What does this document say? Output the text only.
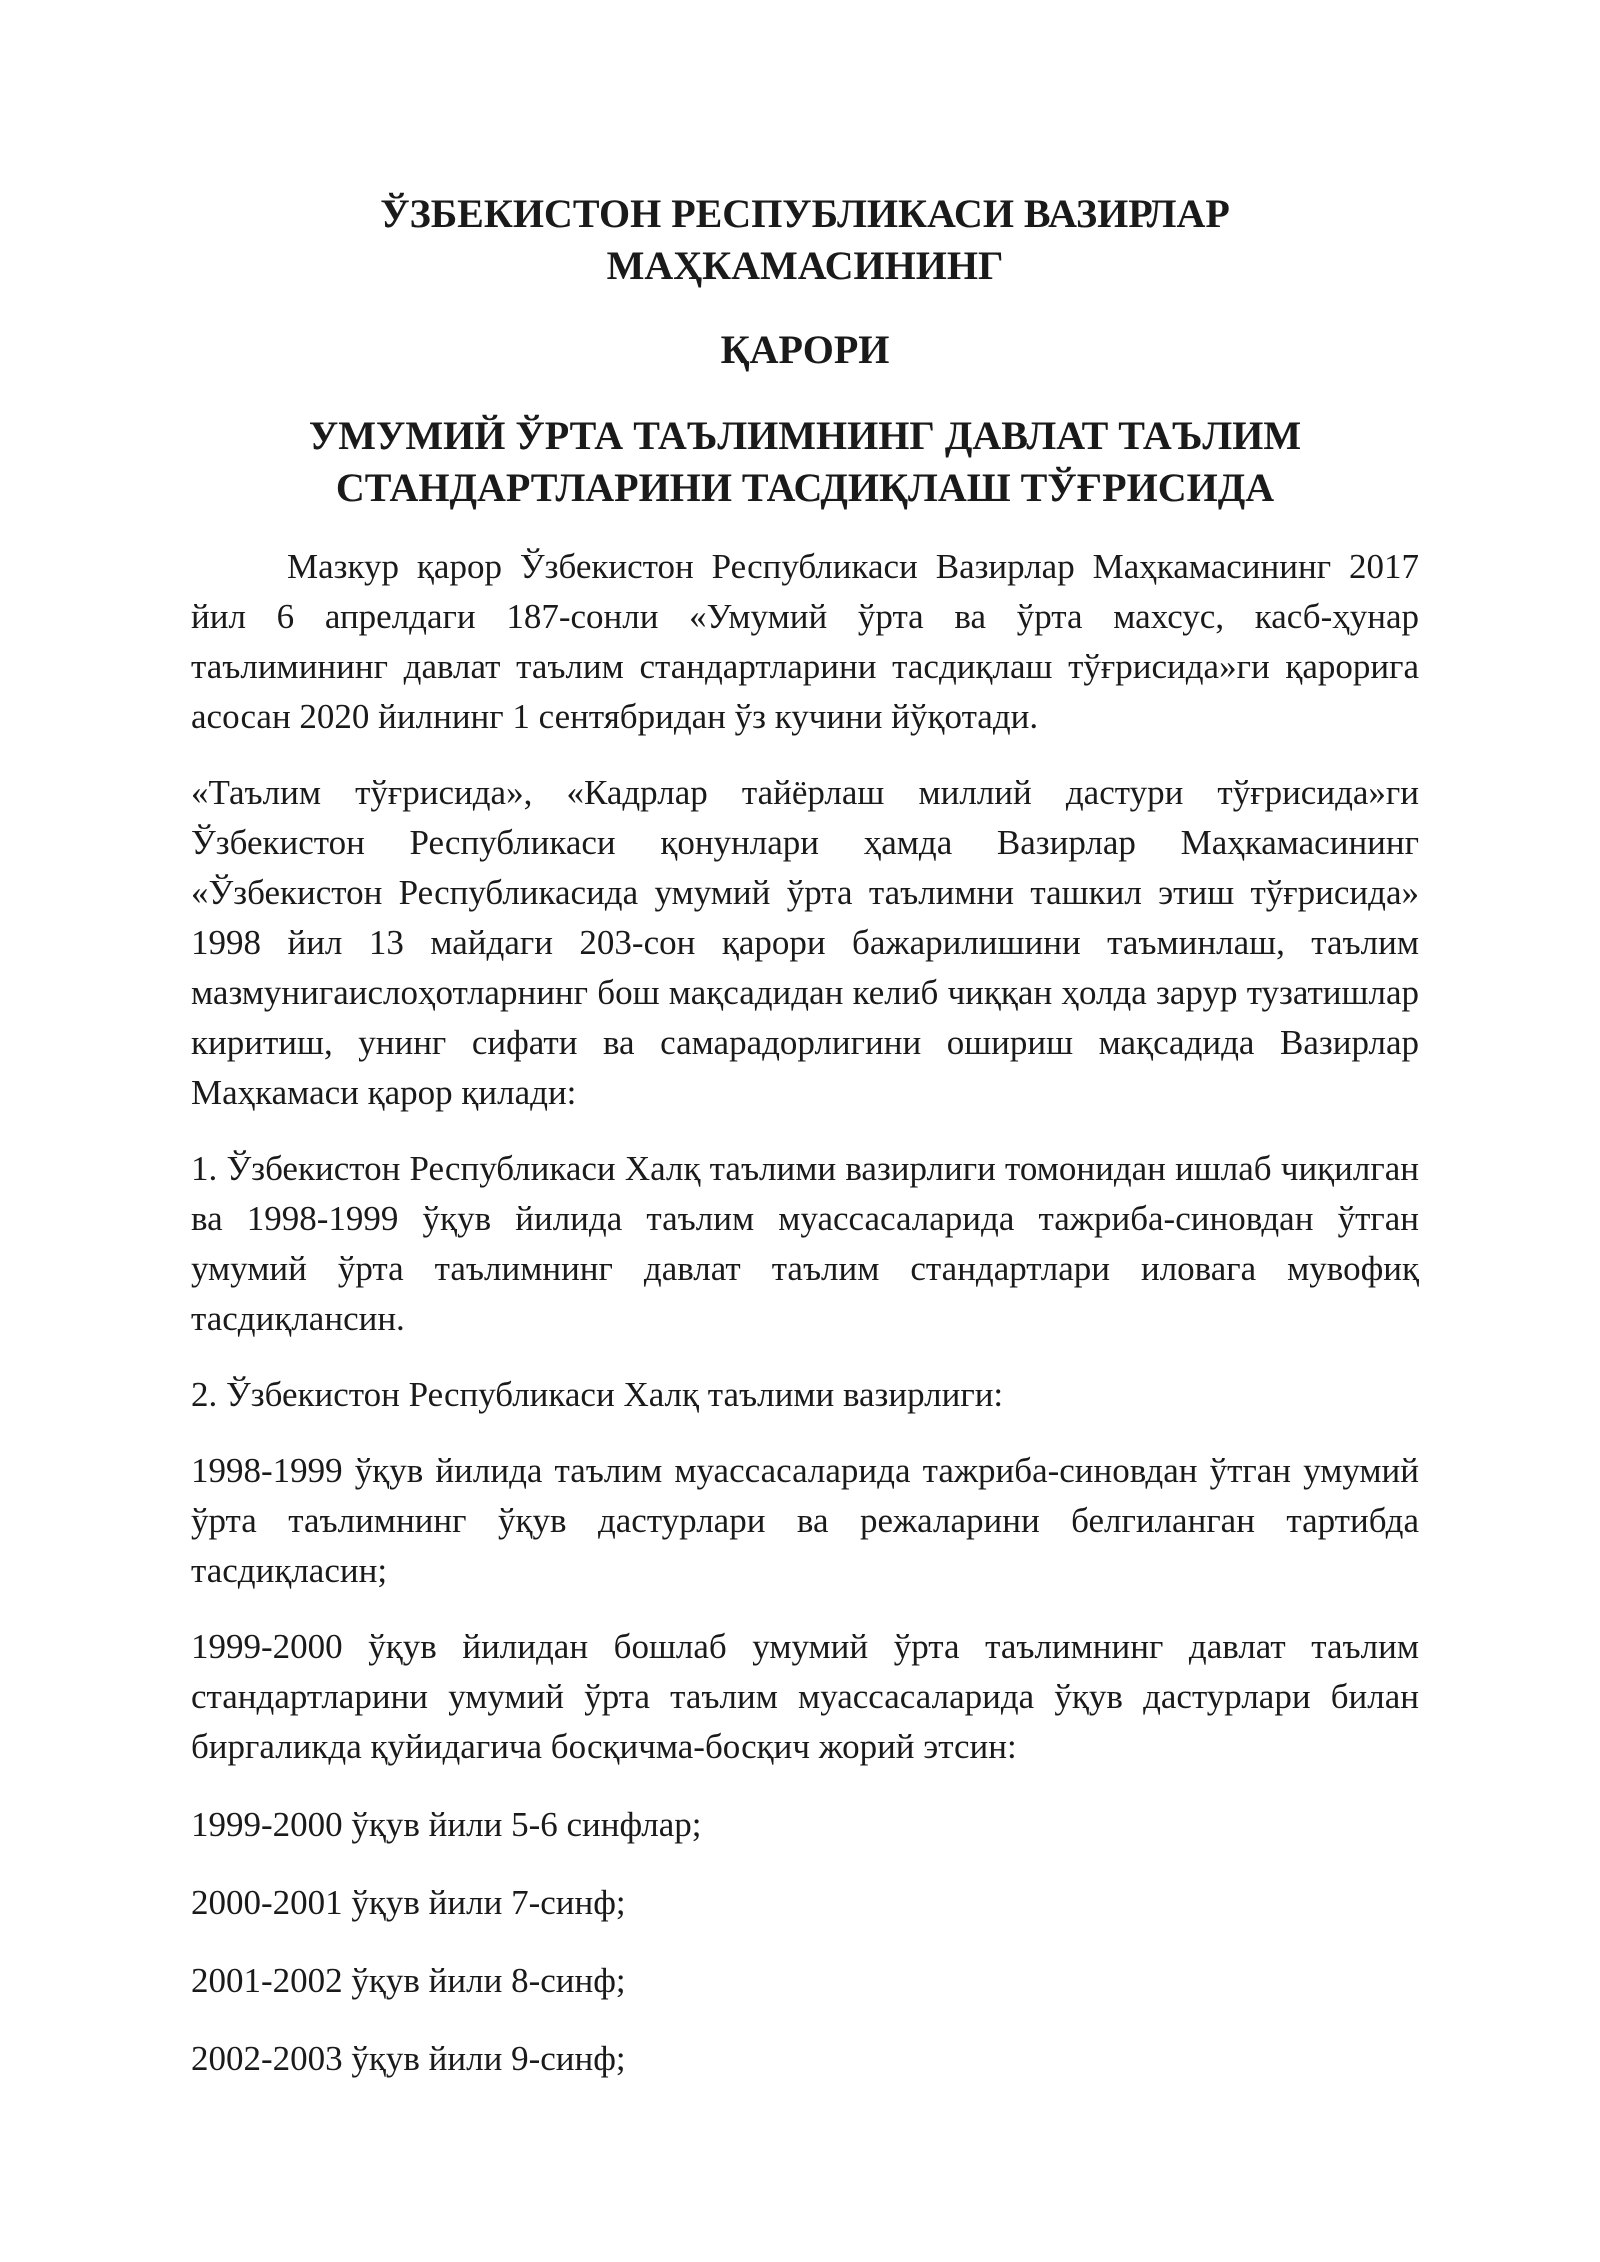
ЎЗБЕКИСТОН РЕСПУБЛИКАСИ ВАЗИРЛАР
МАҲКАМАСИНИНГ

ҚАРОРИ

УМУМИЙ ЎРТА ТАЪЛИМНИНГ ДАВЛАТ ТАЪЛИМ
СТАНДАРТЛАРИНИ ТАСДИҚЛАШ ТЎҒРИСИДА

Мазкур қарор Ўзбекистон Республикаси Вазирлар Маҳкамасининг 2017 йил 6 апрелдаги 187-сонли «Умумий ўрта ва ўрта махсус, касб-ҳунар таълимининг давлат таълим стандартларини тасдиқлаш тўғрисида»ги қарорига асосан 2020 йилнинг 1 сентябридан ўз кучини йўқотади.

«Таълим тўғрисида», «Кадрлар тайёрлаш миллий дастури тўғрисида»ги Ўзбекистон Республикаси қонунлари ҳамда Вазирлар Маҳкамасининг «Ўзбекистон Республикасида умумий ўрта таълимни ташкил этиш тўғрисида» 1998 йил 13 майдаги 203-сон қарори бажарилишини таъминлаш, таълим мазмунигаислоҳотларнинг бош мақсадидан келиб чиққан ҳолда зарур тузатишлар киритиш, унинг сифати ва самарадорлигини ошириш мақсадида Вазирлар Маҳкамаси қарор қилади:

1. Ўзбекистон Республикаси Халқ таълими вазирлиги томонидан ишлаб чиқилган ва 1998-1999 ўқув йилида таълим муассасаларида тажриба-синовдан ўтган умумий ўрта таълимнинг давлат таълим стандартлари иловага мувофиқ тасдиқлансин.

2. Ўзбекистон Республикаси Халқ таълими вазирлиги:

1998-1999 ўқув йилида таълим муассасаларида тажриба-синовдан ўтган умумий ўрта таълимнинг ўқув дастурлари ва режаларини белгиланган тартибда тасдиқласин;

1999-2000 ўқув йилидан бошлаб умумий ўрта таълимнинг давлат таълим стандартларини умумий ўрта таълим муассасаларида ўқув дастурлари билан биргаликда қуйидагича босқичма-босқич жорий этсин:

1999-2000 ўқув йили 5-6 синфлар;

2000-2001 ўқув йили 7-синф;

2001-2002 ўқув йили 8-синф;

2002-2003 ўқув йили 9-синф;
